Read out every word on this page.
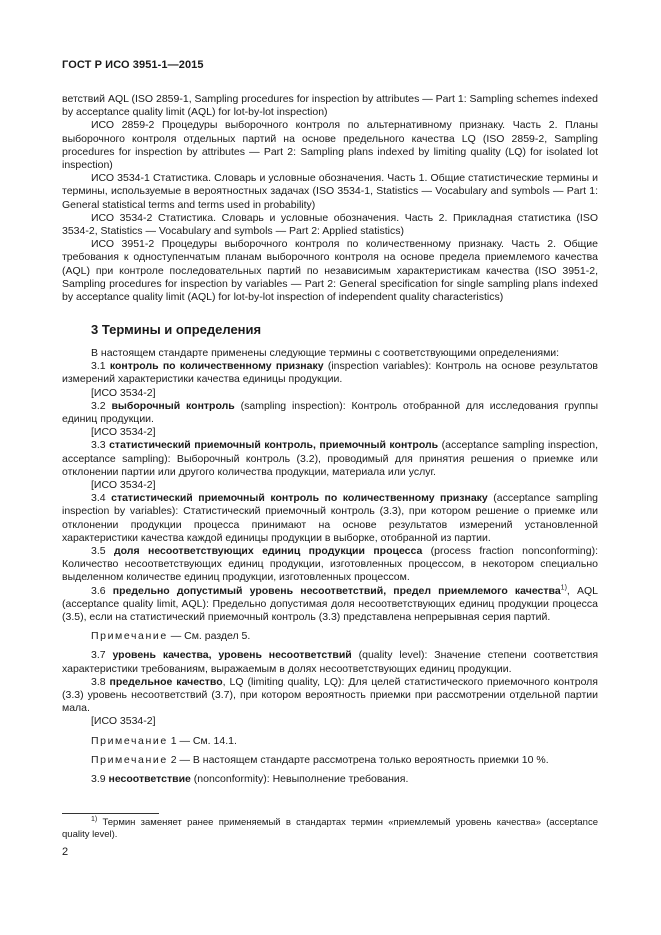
ГОСТ Р ИСО 3951-1—2015

ветствий AQL (ISO 2859-1, Sampling procedures for inspection by attributes — Part 1: Sampling schemes indexed by acceptance quality limit (AQL) for lot-by-lot inspection)

ИСО 2859-2 Процедуры выборочного контроля по альтернативному признаку. Часть 2. Планы выборочного контроля отдельных партий на основе предельного качества LQ (ISO 2859-2, Sampling procedures for inspection by attributes — Part 2: Sampling plans indexed by limiting quality (LQ) for isolated lot inspection)

ИСО 3534-1 Статистика. Словарь и условные обозначения. Часть 1. Общие статистические термины и термины, используемые в вероятностных задачах (ISO 3534-1, Statistics — Vocabulary and symbols — Part 1: General statistical terms and terms used in probability)

ИСО 3534-2 Статистика. Словарь и условные обозначения. Часть 2. Прикладная статистика (ISO 3534-2, Statistics — Vocabulary and symbols — Part 2: Applied statistics)

ИСО 3951-2 Процедуры выборочного контроля по количественному признаку. Часть 2. Общие требования к одноступенчатым планам выборочного контроля на основе предела приемлемого качества (AQL) при контроле последовательных партий по независимым характеристикам качества (ISO 3951-2, Sampling procedures for inspection by variables — Part 2: General specification for single sampling plans indexed by acceptance quality limit (AQL) for lot-by-lot inspection of independent quality characteristics)

3 Термины и определения

В настоящем стандарте применены следующие термины с соответствующими определениями:

3.1 контроль по количественному признаку (inspection variables): Контроль на основе результатов измерений характеристики качества единицы продукции.

[ИСО 3534-2]

3.2 выборочный контроль (sampling inspection): Контроль отобранной для исследования группы единиц продукции.

[ИСО 3534-2]

3.3 статистический приемочный контроль, приемочный контроль (acceptance sampling inspection, acceptance sampling): Выборочный контроль (3.2), проводимый для принятия решения о приемке или отклонении партии или другого количества продукции, материала или услуг.

[ИСО 3534-2]

3.4 статистический приемочный контроль по количественному признаку (acceptance sampling inspection by variables): Статистический приемочный контроль (3.3), при котором решение о приемке или отклонении продукции процесса принимают на основе результатов измерений установленной характеристики качества каждой единицы продукции в выборке, отобранной из партии.

3.5 доля несоответствующих единиц продукции процесса (process fraction nonconforming): Количество несоответствующих единиц продукции, изготовленных процессом, в некотором специально выделенном количестве единиц продукции, изготовленных процессом.

3.6 предельно допустимый уровень несоответствий, предел приемлемого качества$^{1)}$, AQL (acceptance quality limit, AQL): Предельно допустимая доля несоответствующих единиц продукции процесса (3.5), если на статистический приемочный контроль (3.3) представлена непрерывная серия партий.

Примечание — См. раздел 5.

3.7 уровень качества, уровень несоответствий (quality level): Значение степени соответствия характеристики требованиям, выражаемым в долях несоответствующих единиц продукции.

3.8 предельное качество, LQ (limiting quality, LQ): Для целей статистического приемочного контроля (3.3) уровень несоответствий (3.7), при котором вероятность приемки при рассмотрении отдельной партии мала.

[ИСО 3534-2]

Примечание 1 — См. 14.1.

Примечание 2 — В настоящем стандарте рассмотрена только вероятность приемки 10 %.

3.9 несоответствие (nonconformity): Невыполнение требования.

$^{1)}$ Термин заменяет ранее применяемый в стандартах термин «приемлемый уровень качества» (acceptance quality level).

2
